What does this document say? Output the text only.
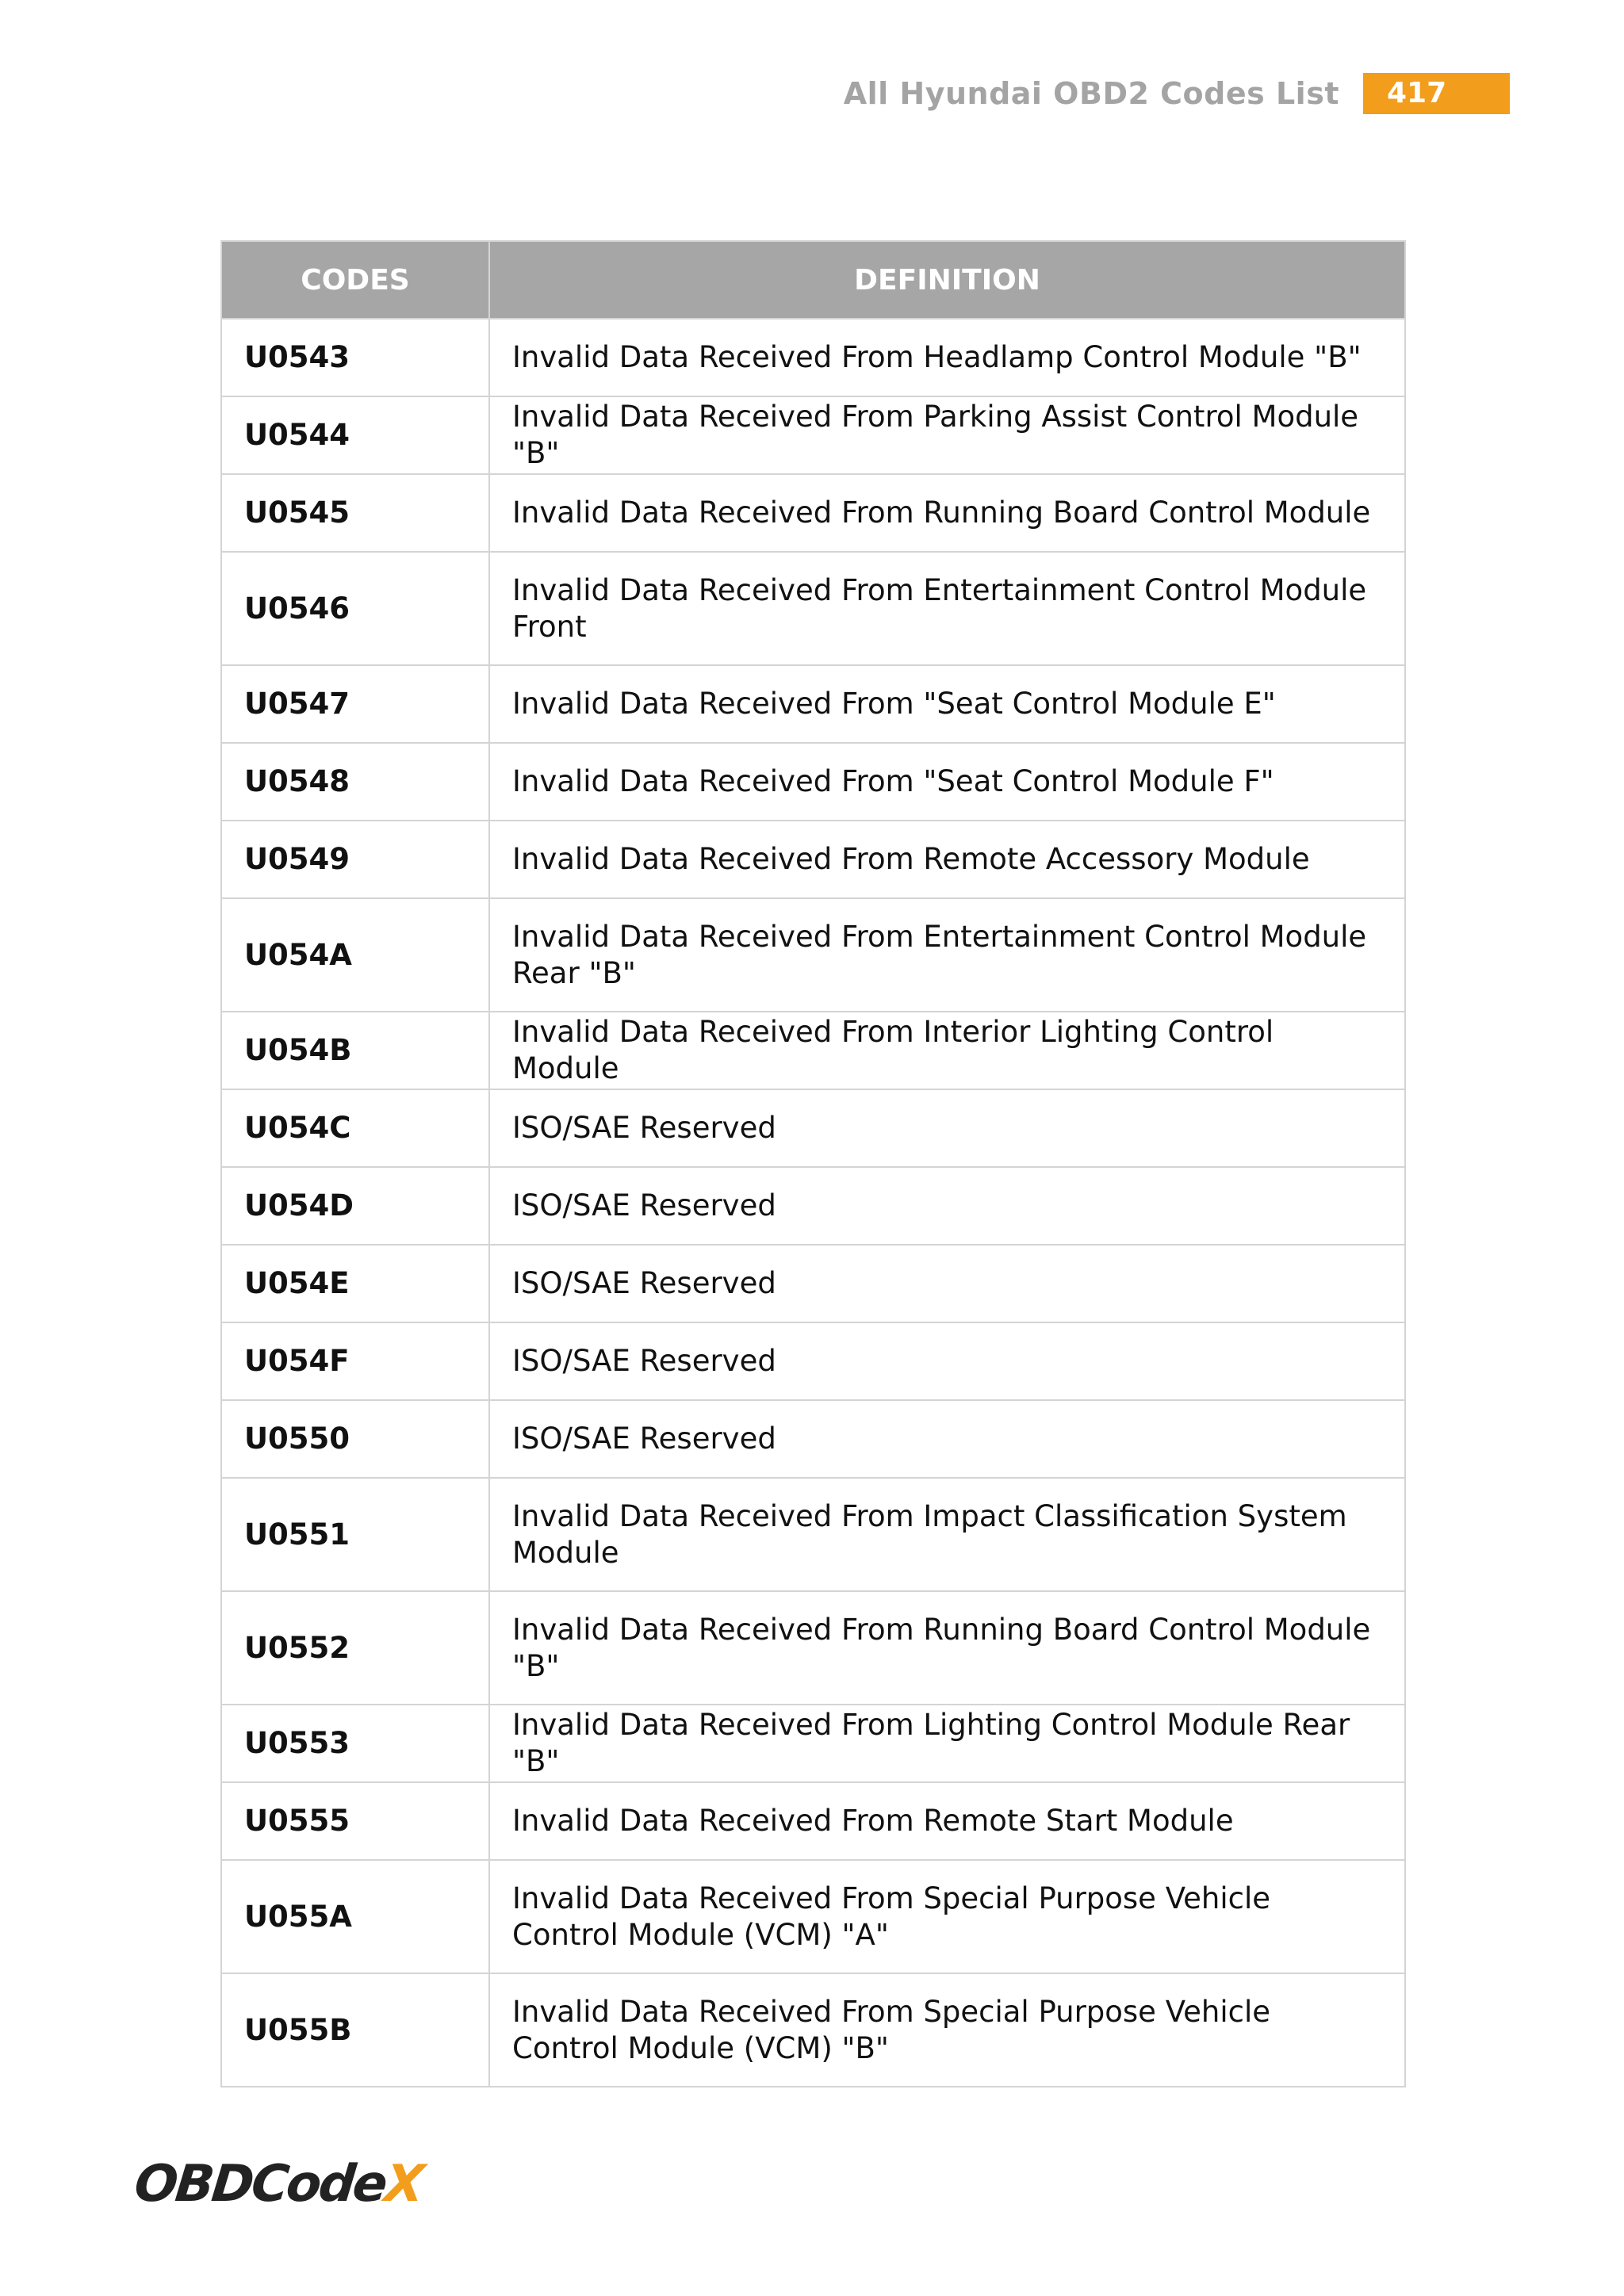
All Hyundai OBD2 Codes List	417
CODES	DEFINITION
U0543	Invalid Data Received From Headlamp Control Module "B"
U0544	Invalid Data Received From Parking Assist Control Module "B"
U0545	Invalid Data Received From Running Board Control Module
U0546	Invalid Data Received From Entertainment Control Module Front
U0547	Invalid Data Received From "Seat Control Module E"
U0548	Invalid Data Received From "Seat Control Module F"
U0549	Invalid Data Received From Remote Accessory Module
U054A	Invalid Data Received From Entertainment Control Module Rear "B"
U054B	Invalid Data Received From Interior Lighting Control Module
U054C	ISO/SAE Reserved
U054D	ISO/SAE Reserved
U054E	ISO/SAE Reserved
U054F	ISO/SAE Reserved
U0550	ISO/SAE Reserved
U0551	Invalid Data Received From Impact Classification System Module
U0552	Invalid Data Received From Running Board Control Module "B"
U0553	Invalid Data Received From Lighting Control Module Rear "B"
U0555	Invalid Data Received From Remote Start Module
U055A	Invalid Data Received From Special Purpose Vehicle Control Module (VCM) "A"
U055B	Invalid Data Received From Special Purpose Vehicle Control Module (VCM) "B"
OBDCodeX
